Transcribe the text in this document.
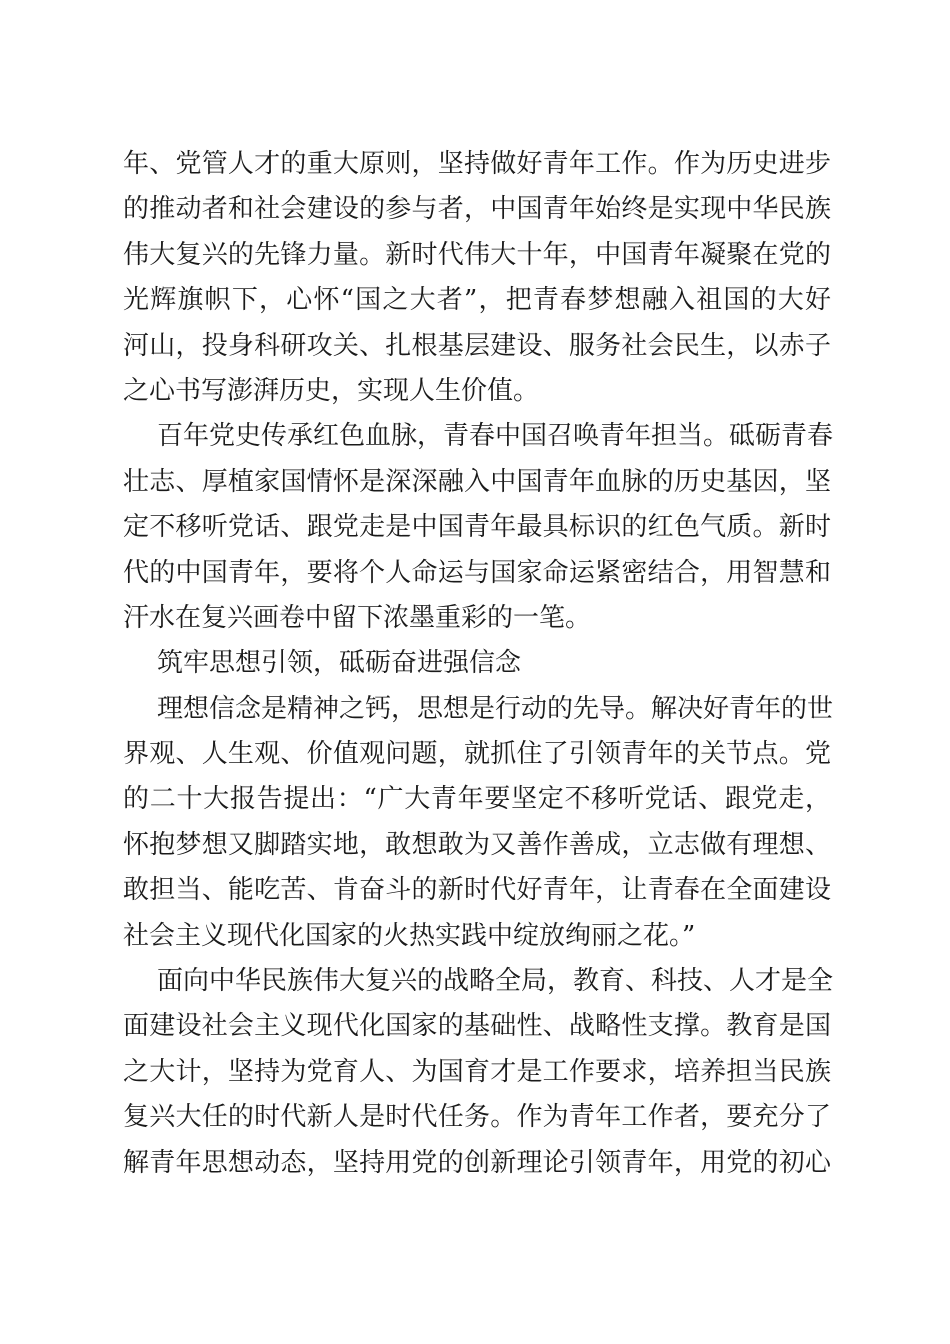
年、党管人才的重大原则，坚持做好青年工作。作为历史进步
的推动者和社会建设的参与者，中国青年始终是实现中华民族
伟大复兴的先锋力量。新时代伟大十年，中国青年凝聚在党的
光辉旗帜下，心怀“国之大者”，把青春梦想融入祖国的大好
河山，投身科研攻关、扎根基层建设、服务社会民生，以赤子
之心书写澎湃历史，实现人生价值。
百年党史传承红色血脉，青春中国召唤青年担当。砥砺青春
壮志、厚植家国情怀是深深融入中国青年血脉的历史基因，坚
定不移听党话、跟党走是中国青年最具标识的红色气质。新时
代的中国青年，要将个人命运与国家命运紧密结合，用智慧和
汗水在复兴画卷中留下浓墨重彩的一笔。
筑牢思想引领，砥砺奋进强信念
理想信念是精神之钙，思想是行动的先导。解决好青年的世
界观、人生观、价值观问题，就抓住了引领青年的关节点。党
的二十大报告提出：“广大青年要坚定不移听党话、跟党走，
怀抱梦想又脚踏实地，敢想敢为又善作善成，立志做有理想、
敢担当、能吃苦、肯奋斗的新时代好青年，让青春在全面建设
社会主义现代化国家的火热实践中绽放绚丽之花。”
面向中华民族伟大复兴的战略全局，教育、科技、人才是全
面建设社会主义现代化国家的基础性、战略性支撑。教育是国
之大计，坚持为党育人、为国育才是工作要求，培养担当民族
复兴大任的时代新人是时代任务。作为青年工作者，要充分了
解青年思想动态，坚持用党的创新理论引领青年，用党的初心
